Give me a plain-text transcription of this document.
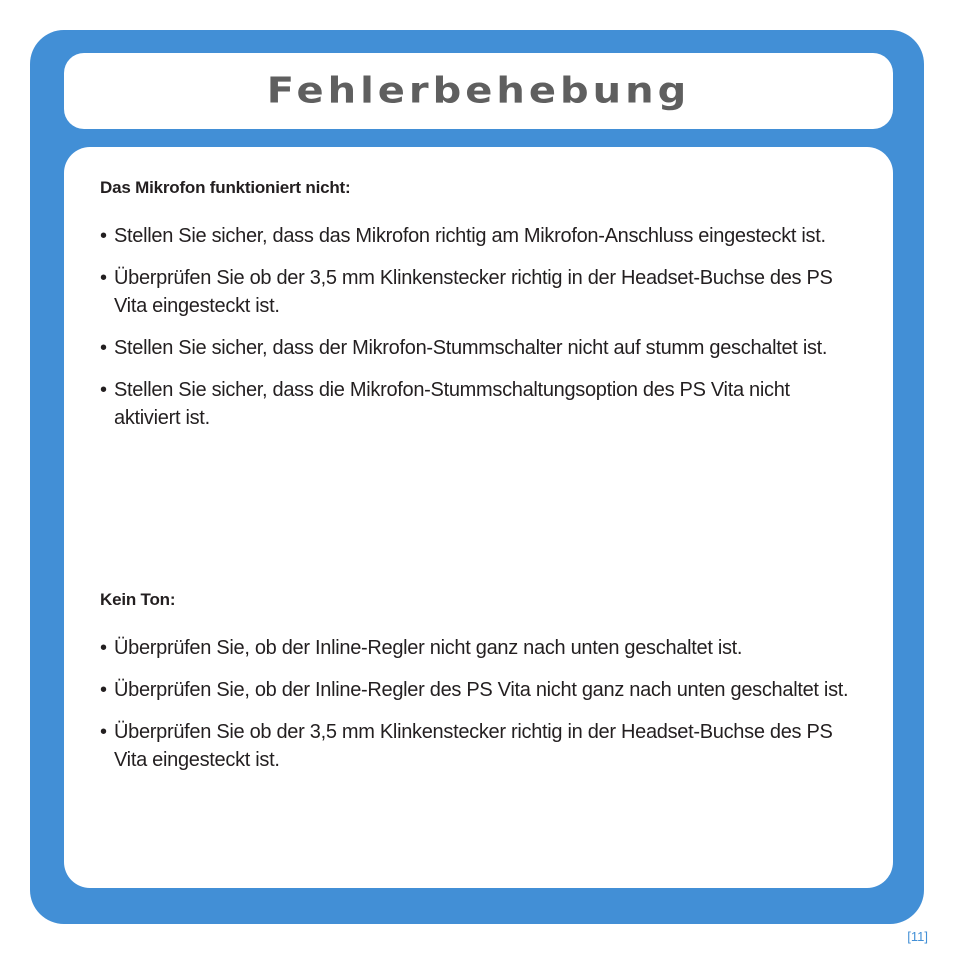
Fehlerbehebung

Das Mikrofon funktioniert nicht:

• Stellen Sie sicher, dass das Mikrofon richtig am Mikrofon-Anschluss eingesteckt ist.
• Überprüfen Sie ob der 3,5 mm Klinkenstecker richtig in der Headset-Buchse des PS Vita eingesteckt ist.
• Stellen Sie sicher, dass der Mikrofon-Stummschalter nicht auf stumm geschaltet ist.
• Stellen Sie sicher, dass die Mikrofon-Stummschaltungsoption des PS Vita nicht aktiviert ist.

Kein Ton:

• Überprüfen Sie, ob der Inline-Regler nicht ganz nach unten geschaltet ist.
• Überprüfen Sie, ob der Inline-Regler des PS Vita nicht ganz nach unten geschaltet ist.
• Überprüfen Sie ob der 3,5 mm Klinkenstecker richtig in der Headset-Buchse des PS Vita eingesteckt ist.
[11]
